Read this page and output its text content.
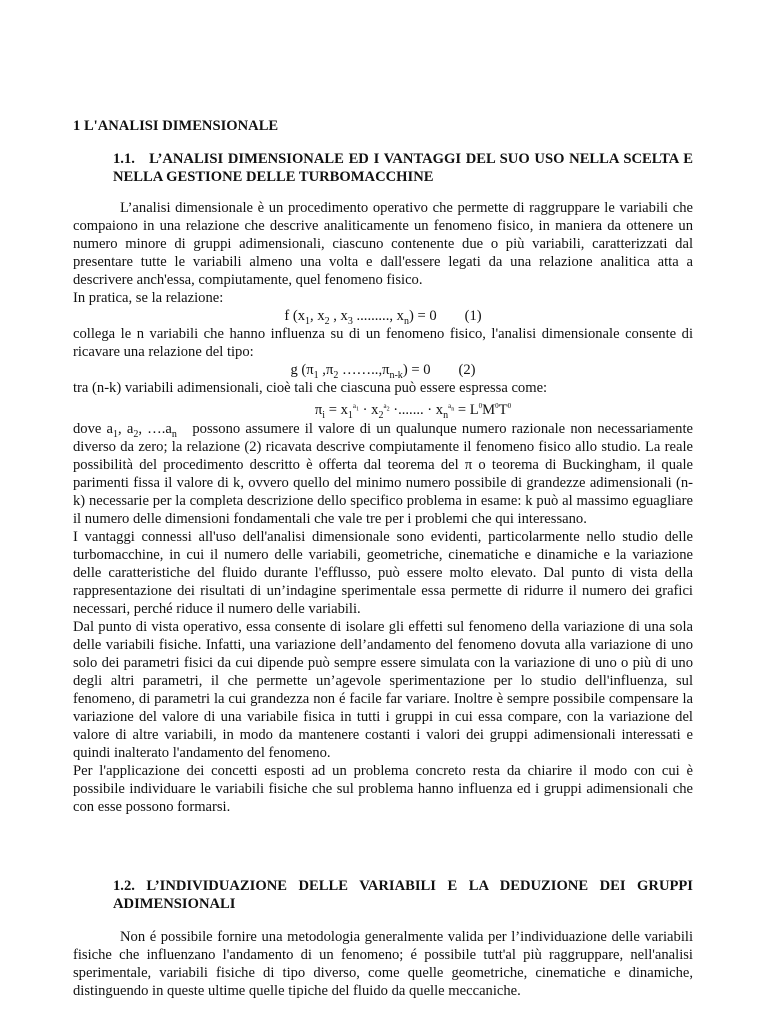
1 L'ANALISI DIMENSIONALE
1.1.   L’ANALISI DIMENSIONALE ED I VANTAGGI DEL SUO USO NELLA SCELTA E NELLA GESTIONE DELLE TURBOMACCHINE

L’analisi dimensionale è un procedimento operativo che permette di raggruppare le variabili che compaiono in una relazione che descrive analiticamente un fenomeno fisico, in maniera da ottenere un numero minore di gruppi adimensionali, ciascuno contenente due o più variabili, caratterizzati dal presentare tutte le variabili almeno una volta e dall'essere legati da una relazione analitica atta a descrivere anch'essa, compiutamente, quel fenomeno fisico.

In pratica, se la relazione:

f ($x_1$, $x_2$ , $x_3$ ........., $x_n) = 0$ (1)

collega le n variabili che hanno influenza su di un fenomeno fisico, l'analisi dimensionale consente di ricavare una relazione del tipo:

g ($\pi_1$ $,\pi_2$ $\dots\dots..,\pi_{n-k}) = 0$ (2)

tra (n-k) variabili adimensionali, cioè tali che ciascuna può essere espressa come:

$\pi_i = x_1^{a_1} \cdot x_2^{a_2}$ ·....... · $x_n^{a_n} = L^0M^0T^0$

dove $a_1$, $a_2$, $\dots.a_n$ possono assumere il valore di un qualunque numero razionale non necessariamente diverso da zero; la relazione (2) ricavata descrive compiutamente il fenomeno fisico allo studio. La reale possibilità del procedimento descritto è offerta dal teorema del π o teorema di Buckingham, il quale parimenti fissa il valore di k, ovvero quello del minimo numero possibile di grandezze adimensionali (n-k) necessarie per la completa descrizione dello specifico problema in esame: k può al massimo eguagliare il numero delle dimensioni fondamentali che vale tre per i problemi che qui interessano.

I vantaggi connessi all'uso dell'analisi dimensionale sono evidenti, particolarmente nello studio delle turbomacchine, in cui il numero delle variabili, geometriche, cinematiche e dinamiche e la variazione delle caratteristiche del fluido durante l'efflusso, può essere molto elevato. Dal punto di vista della rappresentazione dei risultati di un’indagine sperimentale essa permette di ridurre il numero dei grafici necessari, perché riduce il numero delle variabili.

Dal punto di vista operativo, essa consente di isolare gli effetti sul fenomeno della variazione di una sola delle variabili fisiche. Infatti, una variazione dell’andamento del fenomeno dovuta alla variazione di uno solo dei parametri fisici da cui dipende può sempre essere simulata con la variazione di uno o più di uno degli altri parametri, il che permette un’agevole sperimentazione per lo studio dell'influenza, sul fenomeno, di parametri la cui grandezza non é facile far variare. Inoltre è sempre possibile compensare la variazione del valore di una variabile fisica in tutti i gruppi in cui essa compare, con la variazione del valore di altre variabili, in modo da mantenere costanti i valori dei gruppi adimensionali interessati e quindi inalterato l'andamento del fenomeno.

Per l'applicazione dei concetti esposti ad un problema concreto resta da chiarire il modo con cui è possibile individuare le variabili fisiche che sul problema hanno influenza ed i gruppi adimensionali che con esse possono formarsi.

1.2. L’INDIVIDUAZIONE DELLE VARIABILI E LA DEDUZIONE DEI GRUPPI ADIMENSIONALI

Non é possibile fornire una metodologia generalmente valida per l’individuazione delle variabili fisiche che influenzano l'andamento di un fenomeno; é possibile tutt'al più raggruppare, nell'analisi sperimentale, variabili fisiche di tipo diverso, come quelle geometriche, cinematiche e dinamiche, distinguendo in queste ultime quelle tipiche del fluido da quelle meccaniche.
